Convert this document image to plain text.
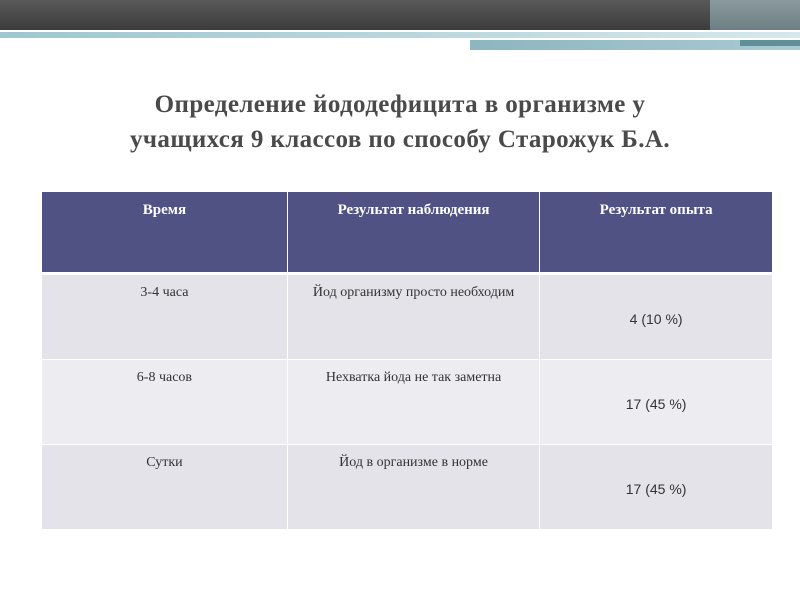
Определение йододефицита в организме у
учащихся 9 классов по способу Старожук Б.А.
Время	Результат наблюдения	Результат опыта
3-4 часа	Йод организму просто необходим	4 (10 %)
6-8 часов	Нехватка йода не так заметна	17 (45 %)
Сутки	Йод в организме в норме	17 (45 %)
